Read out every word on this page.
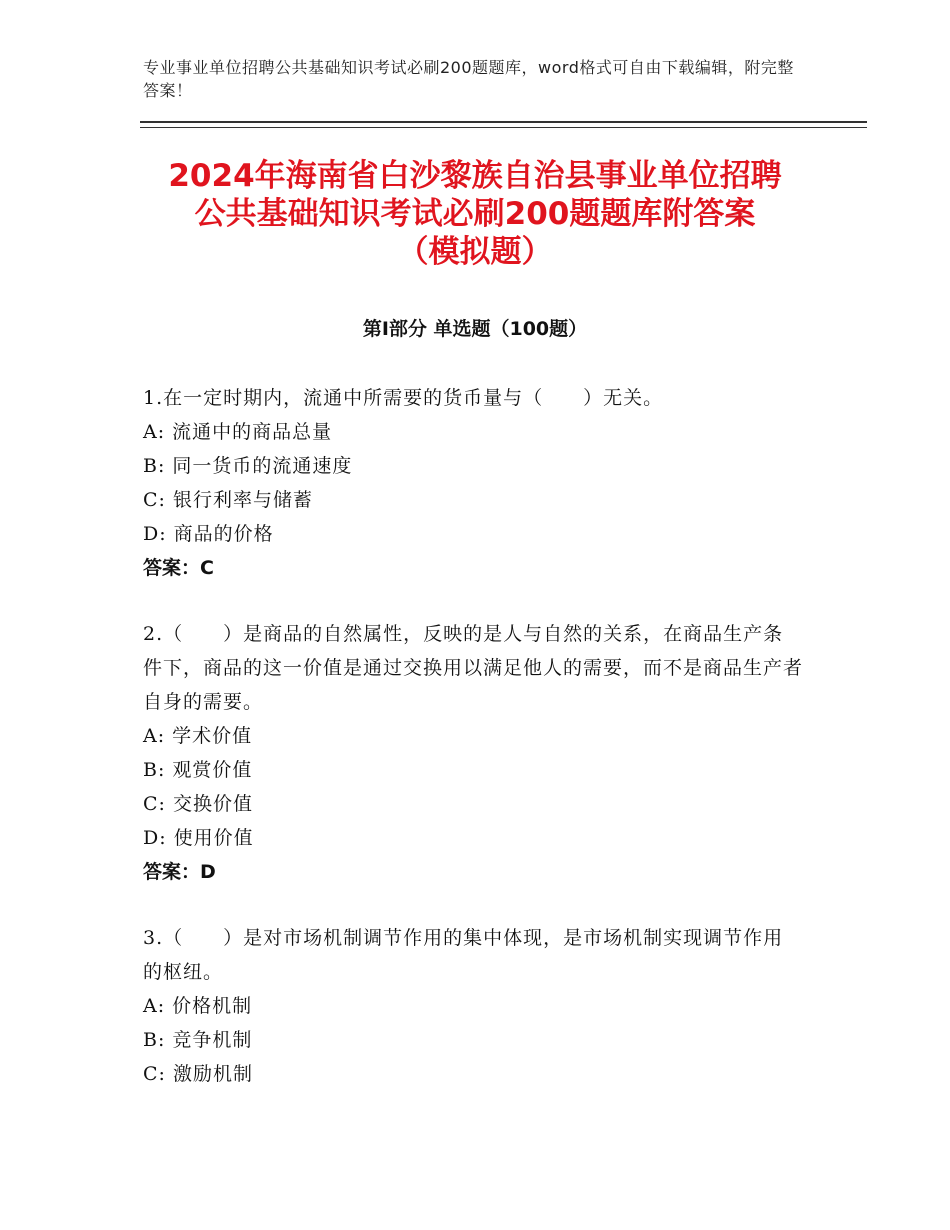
专业事业单位招聘公共基础知识考试必刷200题题库，word格式可自由下载编辑，附完整答案！
2024年海南省白沙黎族自治县事业单位招聘
公共基础知识考试必刷200题题库附答案
（模拟题）
第Ⅰ部分 单选题（100题）
1.在一定时期内，流通中所需要的货币量与（　　）无关。
A: 流通中的商品总量
B: 同一货币的流通速度
C: 银行利率与储蓄
D: 商品的价格
答案：C
2.（　　）是商品的自然属性，反映的是人与自然的关系，在商品生产条件下，商品的这一价值是通过交换用以满足他人的需要，而不是商品生产者自身的需要。
A: 学术价值
B: 观赏价值
C: 交换价值
D: 使用价值
答案：D
3.（　　）是对市场机制调节作用的集中体现，是市场机制实现调节作用的枢纽。
A: 价格机制
B: 竞争机制
C: 激励机制
